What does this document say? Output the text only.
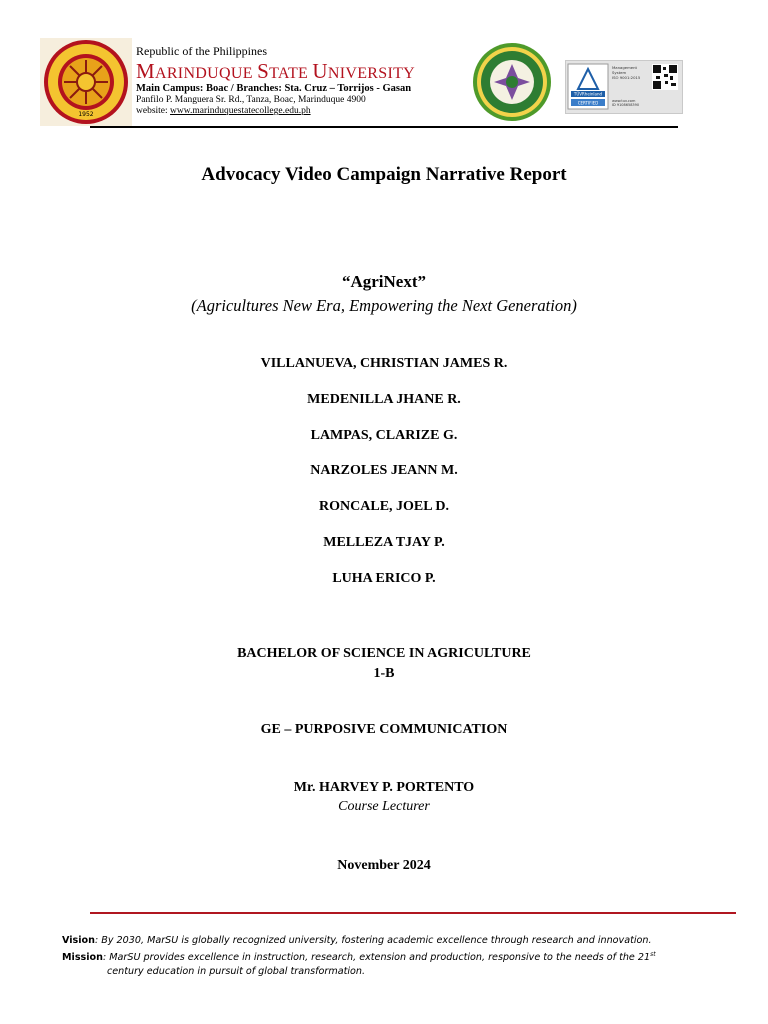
1952
Republic of the Philippines
MARINDUQUE STATE UNIVERSITY
Main Campus: Boac / Branches: Sta. Cruz – Torrijos - Gasan
Panfilo P. Manguera Sr. Rd., Tanza, Boac, Marinduque 4900
website: www.marinduquestatecollege.edu.ph
TÜVRheinland
CERTIFIED
Management
System
ISO 9001:2015
www.tuv.com
ID 9108658390
Advocacy Video Campaign Narrative Report
“AgriNext”
(Agricultures New Era, Empowering the Next Generation)
VILLANUEVA, CHRISTIAN JAMES R.
MEDENILLA JHANE R.
LAMPAS, CLARIZE G.
NARZOLES JEANN M.
RONCALE, JOEL D.
MELLEZA TJAY P.
LUHA ERICO P.
BACHELOR OF SCIENCE IN AGRICULTURE
1-B
GE – PURPOSIVE COMMUNICATION
Mr. HARVEY P. PORTENTO
Course Lecturer
November 2024
Vision: By 2030, MarSU is globally recognized university, fostering academic excellence through research and innovation.
Mission: MarSU provides excellence in instruction, research, extension and production, responsive to the needs of the 21st
century education in pursuit of global transformation.
